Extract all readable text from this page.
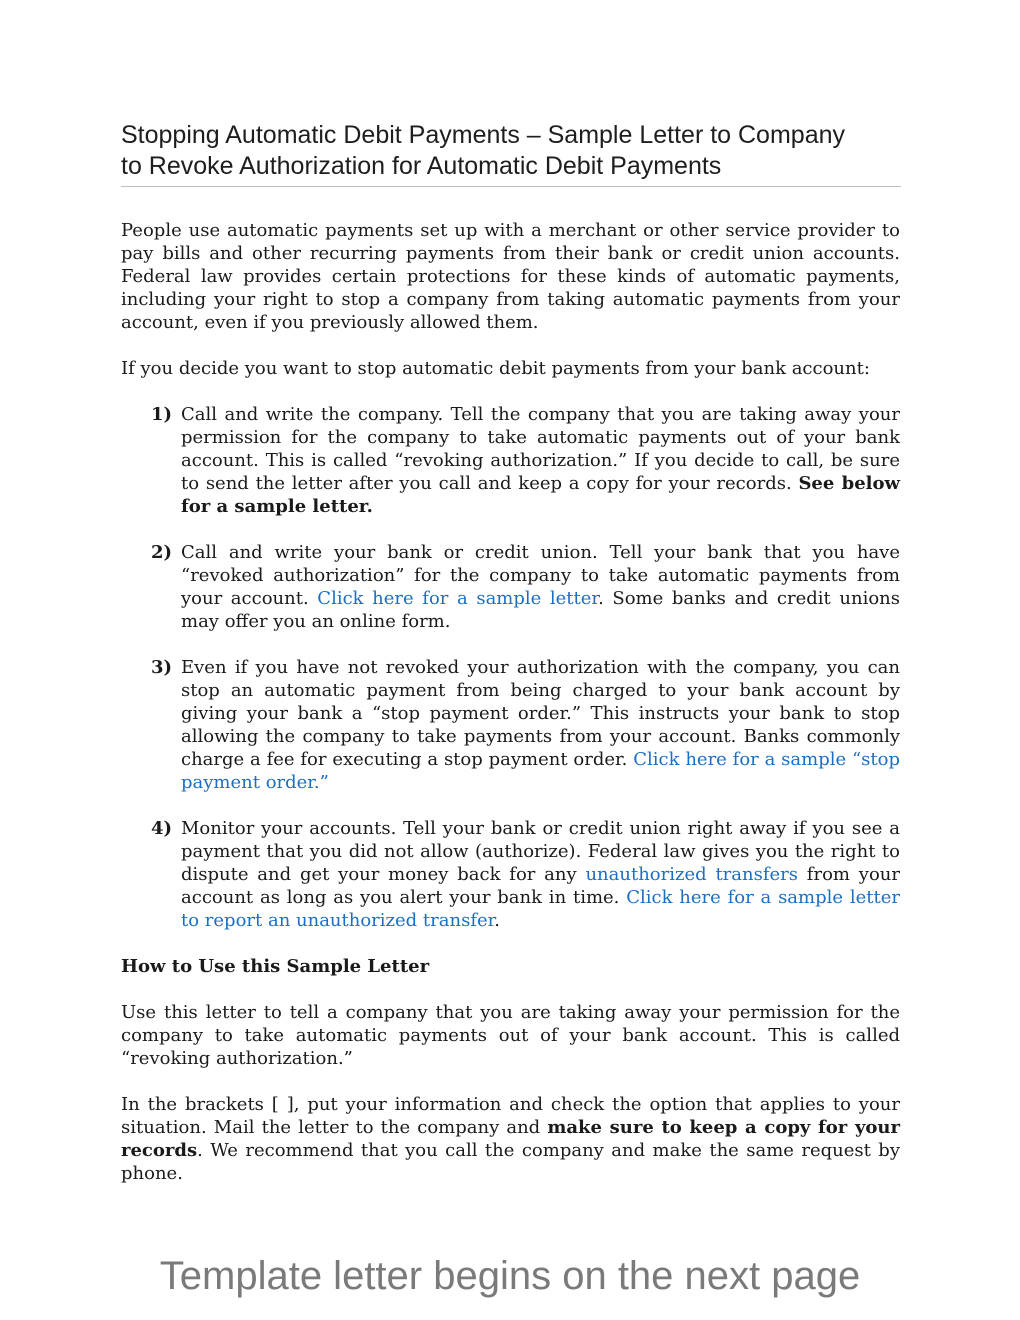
Stopping Automatic Debit Payments – Sample Letter to Company
to Revoke Authorization for Automatic Debit Payments

People use automatic payments set up with a merchant or other service provider to pay bills and other recurring payments from their bank or credit union accounts. Federal law provides certain protections for these kinds of automatic payments, including your right to stop a company from taking automatic payments from your account, even if you previously allowed them.

If you decide you want to stop automatic debit payments from your bank account:

1) Call and write the company. Tell the company that you are taking away your permission for the company to take automatic payments out of your bank account. This is called “revoking authorization.” If you decide to call, be sure to send the letter after you call and keep a copy for your records. See below for a sample letter.
2) Call and write your bank or credit union. Tell your bank that you have “revoked authorization” for the company to take automatic payments from your account. Click here for a sample letter. Some banks and credit unions may offer you an online form.
3) Even if you have not revoked your authorization with the company, you can stop an automatic payment from being charged to your bank account by giving your bank a “stop payment order.” This instructs your bank to stop allowing the company to take payments from your account. Banks commonly charge a fee for executing a stop payment order. Click here for a sample “stop payment order.”
4) Monitor your accounts. Tell your bank or credit union right away if you see a payment that you did not allow (authorize). Federal law gives you the right to dispute and get your money back for any unauthorized transfers from your account as long as you alert your bank in time. Click here for a sample letter to report an unauthorized transfer.

How to Use this Sample Letter

Use this letter to tell a company that you are taking away your permission for the company to take automatic payments out of your bank account. This is called “revoking authorization.”

In the brackets [ ], put your information and check the option that applies to your situation. Mail the letter to the company and make sure to keep a copy for your records. We recommend that you call the company and make the same request by phone.

Template letter begins on the next page
